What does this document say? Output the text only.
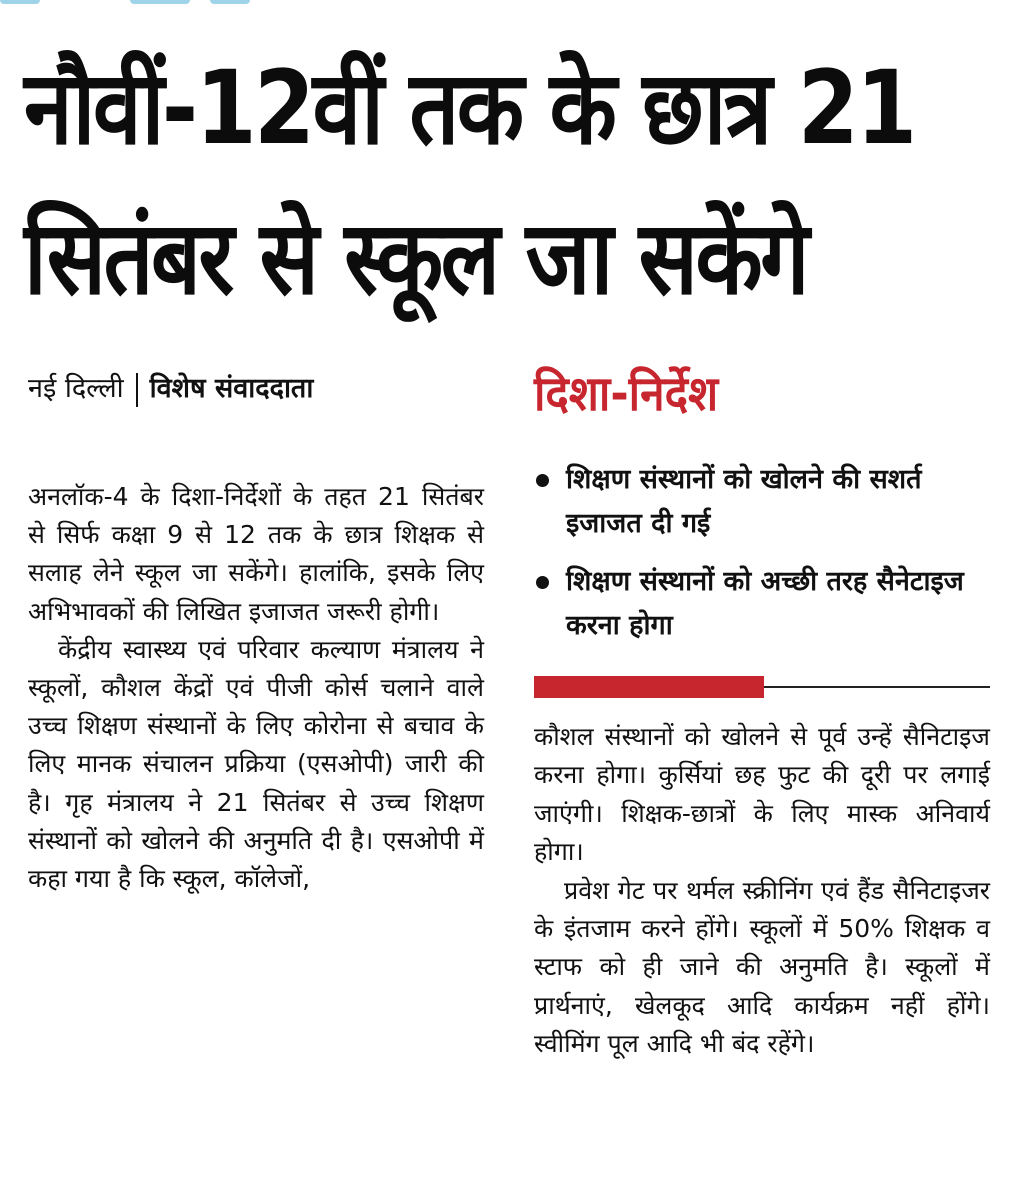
नौवीं-12वीं तक के छात्र 21
सितंबर से स्कूल जा सकेंगे
नई दिल्ली विशेष संवाददाता

अनलॉक-4 के दिशा-निर्देशों के तहत 21 सितंबर से सिर्फ कक्षा 9 से 12 तक के छात्र शिक्षक से सलाह लेने स्कूल जा सकेंगे। हालांकि, इसके लिए अभिभावकों की लिखित इजाजत जरूरी होगी।

केंद्रीय स्वास्थ्य एवं परिवार कल्याण मंत्रालय ने स्कूलों, कौशल केंद्रों एवं पीजी कोर्स चलाने वाले उच्च शिक्षण संस्थानों के लिए कोरोना से बचाव के लिए मानक संचालन प्रक्रिया (एसओपी) जारी की है। गृह मंत्रालय ने 21 सितंबर से उच्च शिक्षण संस्थानों को खोलने की अनुमति दी है। एसओपी में कहा गया है कि स्कूल, कॉलेजों,

दिशा-निर्देश
शिक्षण संस्थानों को खोलने की सशर्त इजाजत दी गई
शिक्षण संस्थानों को अच्छी तरह सैनेटाइज करना होगा

कौशल संस्थानों को खोलने से पूर्व उन्हें सैनिटाइज करना होगा। कुर्सियां छह फुट की दूरी पर लगाई जाएंगी। शिक्षक-छात्रों के लिए मास्क अनिवार्य होगा।

प्रवेश गेट पर थर्मल स्क्रीनिंग एवं हैंड सैनिटाइजर के इंतजाम करने होंगे। स्कूलों में 50% शिक्षक व स्टाफ को ही जाने की अनुमति है। स्कूलों में प्रार्थनाएं, खेलकूद आदि कार्यक्रम नहीं होंगे। स्वीमिंग पूल आदि भी बंद रहेंगे।
